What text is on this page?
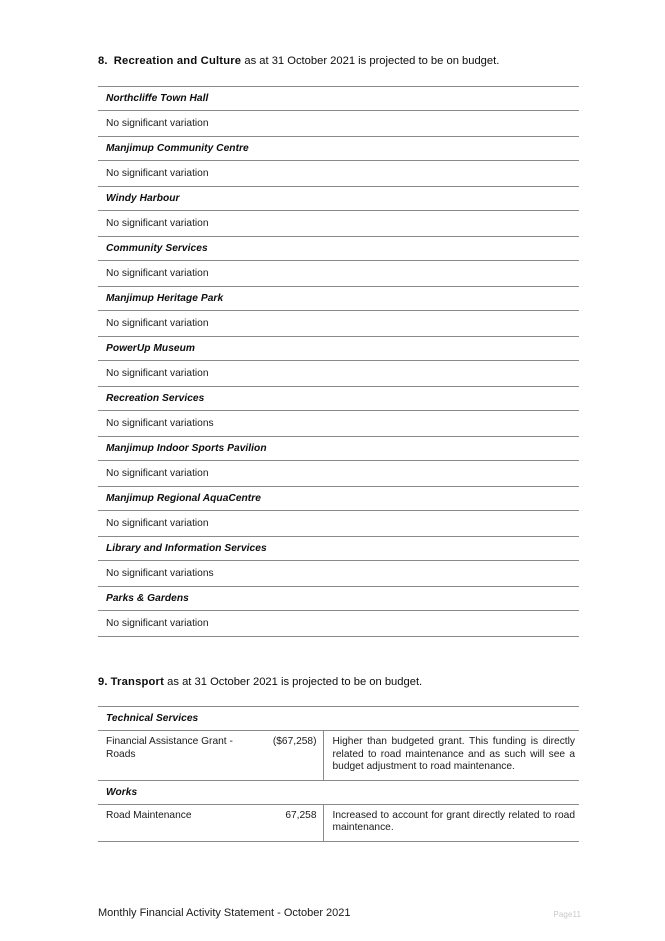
8. Recreation and Culture as at 31 October 2021 is projected to be on budget.

Northcliffe Town Hall
No significant variation
Manjimup Community Centre
No significant variation
Windy Harbour
No significant variation
Community Services
No significant variation
Manjimup Heritage Park
No significant variation
PowerUp Museum
No significant variation
Recreation Services
No significant variations
Manjimup Indoor Sports Pavilion
No significant variation
Manjimup Regional AquaCentre
No significant variation
Library and Information Services
No significant variations
Parks & Gardens
No significant variation

9. Transport as at 31 October 2021 is projected to be on budget.

Technical Services		
Financial Assistance Grant - Roads	($67,258)	Higher than budgeted grant. This funding is directly related to road maintenance and as such will see a budget adjustment to road maintenance.
Works		
Road Maintenance	67,258	Increased to account for grant directly related to road maintenance.
Monthly Financial Activity Statement - October 2021	Page11
